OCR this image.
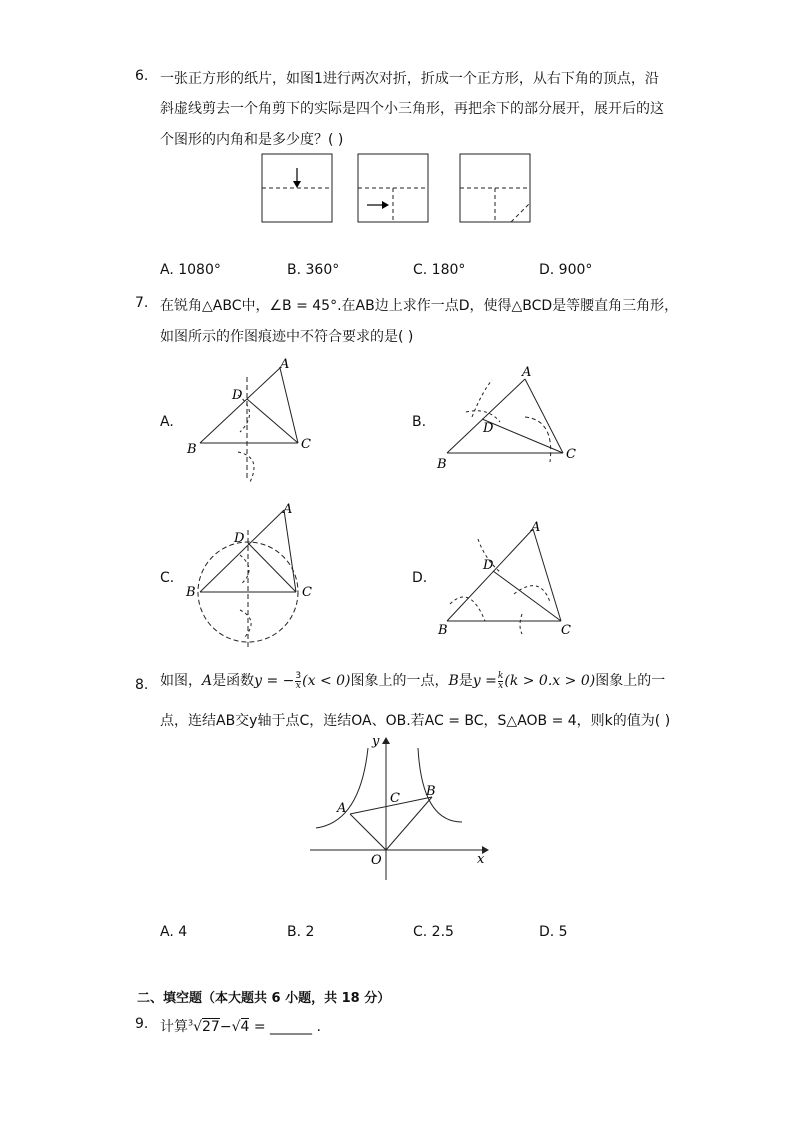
6. 一张正方形的纸片，如图1进行两次对折，折成一个正方形，从右下角的顶点，沿
斜虚线剪去一个角剪下的实际是四个小三角形，再把余下的部分展开，展开后的这
个图形的内角和是多少度？( )
A. 1080°	B. 360°	C. 180°	D. 900°
7. 在锐角△ABC中，∠B = 45°.在AB边上求作一点D，使得△BCD是等腰直角三角形，
如图所示的作图痕迹中不符合要求的是( )
A.
A
D
B	C
B.
A
D
B
C
C.
A
D
B	C
D.
A
D
B	C
8. 如图，A是函数y = − $\frac{3}{x} (x < 0)$图象上的一点，B是$y = \frac{k}{x} (k > 0.x > 0)$图象上的一
点，连结AB交y轴于点C，连结OA、OB.若AC = BC，S△AOB = 4，则k的值为( )
y
x
O
A
C B
A. 4	B. 2	C. 2.5	D. 5
二、填空题（本大题共 6 小题，共 18 分）
9. 计算$^3$√27−√4 = ______ .
